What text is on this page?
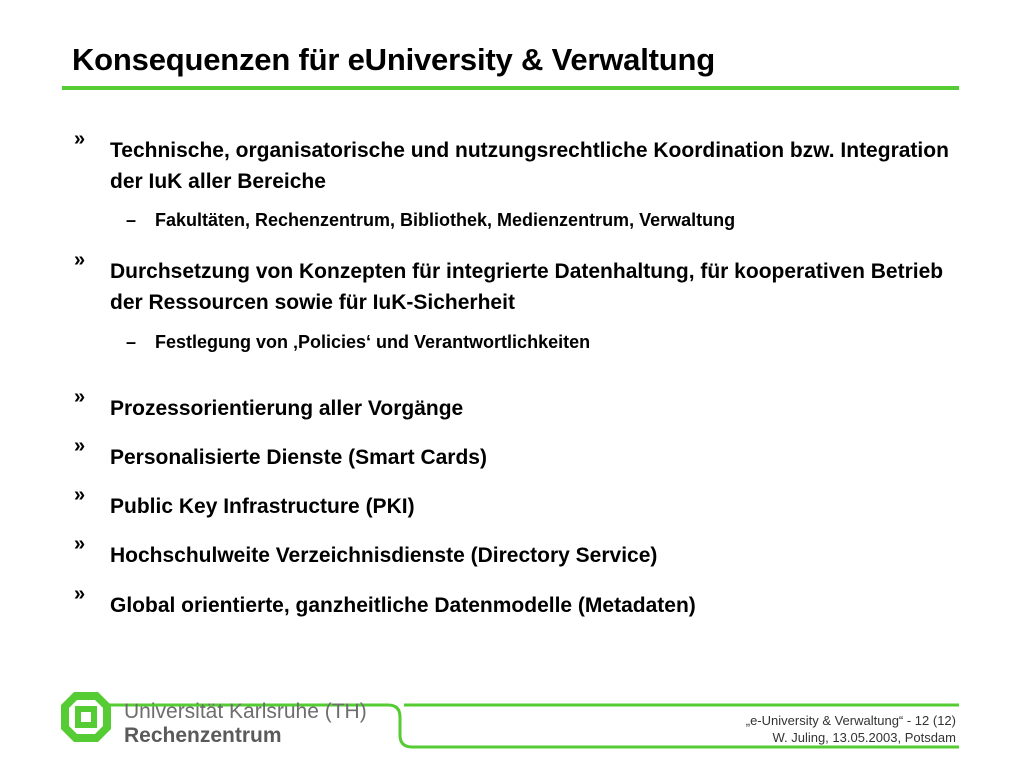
Konsequenzen für eUniversity & Verwaltung
» Technische, organisatorische und nutzungsrechtliche Koordination bzw. Integration der IuK aller Bereiche

– Fakultäten, Rechenzentrum, Bibliothek, Medienzentrum, Verwaltung
» Durchsetzung von Konzepten für integrierte Datenhaltung, für kooperativen Betrieb der Ressourcen sowie für IuK-Sicherheit

– Festlegung von ‚Policies‘ und Verantwortlichkeiten
» Prozessorientierung aller Vorgänge

» Personalisierte Dienste (Smart Cards)

» Public Key Infrastructure (PKI)

» Hochschulweite Verzeichnisdienste (Directory Service)

» Global orientierte, ganzheitliche Datenmodelle (Metadaten)

Universität Karlsruhe (TH)
Rechenzentrum
„e-University & Verwaltung“ - 12 (12)
W. Juling, 13.05.2003, Potsdam
